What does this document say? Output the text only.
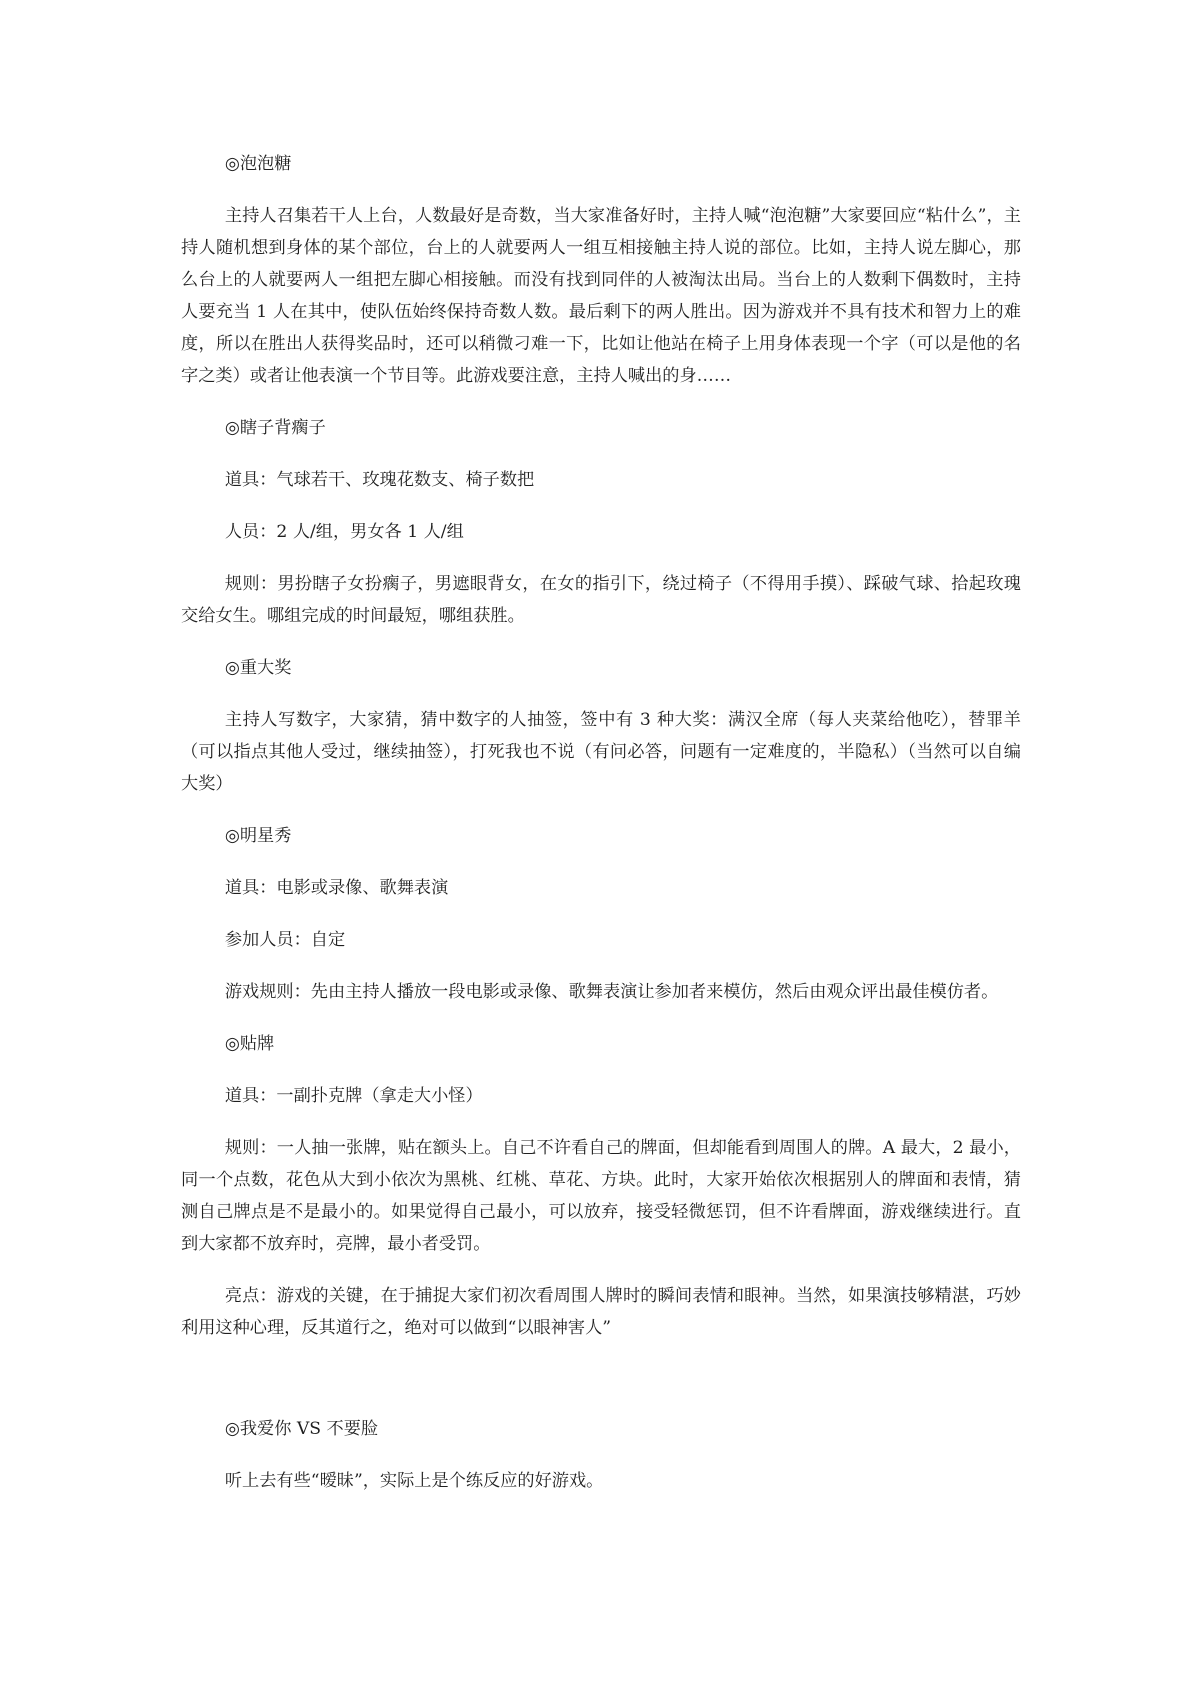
◎泡泡糖

主持人召集若干人上台，人数最好是奇数，当大家准备好时，主持人喊“泡泡糖”大家要回应“粘什么”，主持人随机想到身体的某个部位，台上的人就要两人一组互相接触主持人说的部位。比如，主持人说左脚心，那么台上的人就要两人一组把左脚心相接触。而没有找到同伴的人被淘汰出局。当台上的人数剩下偶数时，主持人要充当 1 人在其中，使队伍始终保持奇数人数。最后剩下的两人胜出。因为游戏并不具有技术和智力上的难度，所以在胜出人获得奖品时，还可以稍微刁难一下，比如让他站在椅子上用身体表现一个字（可以是他的名字之类）或者让他表演一个节目等。此游戏要注意，主持人喊出的身……

◎瞎子背瘸子

道具：气球若干、玫瑰花数支、椅子数把

人员：2 人/组，男女各 1 人/组

规则：男扮瞎子女扮瘸子，男遮眼背女，在女的指引下，绕过椅子（不得用手摸）、踩破气球、拾起玫瑰交给女生。哪组完成的时间最短，哪组获胜。

◎重大奖

主持人写数字，大家猜，猜中数字的人抽签，签中有 3 种大奖：满汉全席（每人夹菜给他吃），替罪羊（可以指点其他人受过，继续抽签），打死我也不说（有问必答，问题有一定难度的，半隐私）（当然可以自编大奖）

◎明星秀

道具：电影或录像、歌舞表演

参加人员：自定

游戏规则：先由主持人播放一段电影或录像、歌舞表演让参加者来模仿，然后由观众评出最佳模仿者。

◎贴牌

道具：一副扑克牌（拿走大小怪）

规则：一人抽一张牌，贴在额头上。自己不许看自己的牌面，但却能看到周围人的牌。A 最大，2 最小，同一个点数，花色从大到小依次为黑桃、红桃、草花、方块。此时，大家开始依次根据别人的牌面和表情，猜测自己牌点是不是最小的。如果觉得自己最小，可以放弃，接受轻微惩罚，但不许看牌面，游戏继续进行。直到大家都不放弃时，亮牌，最小者受罚。

亮点：游戏的关键，在于捕捉大家们初次看周围人牌时的瞬间表情和眼神。当然，如果演技够精湛，巧妙利用这种心理，反其道行之，绝对可以做到“以眼神害人”

◎我爱你 VS 不要脸

听上去有些“暧昧”，实际上是个练反应的好游戏。
